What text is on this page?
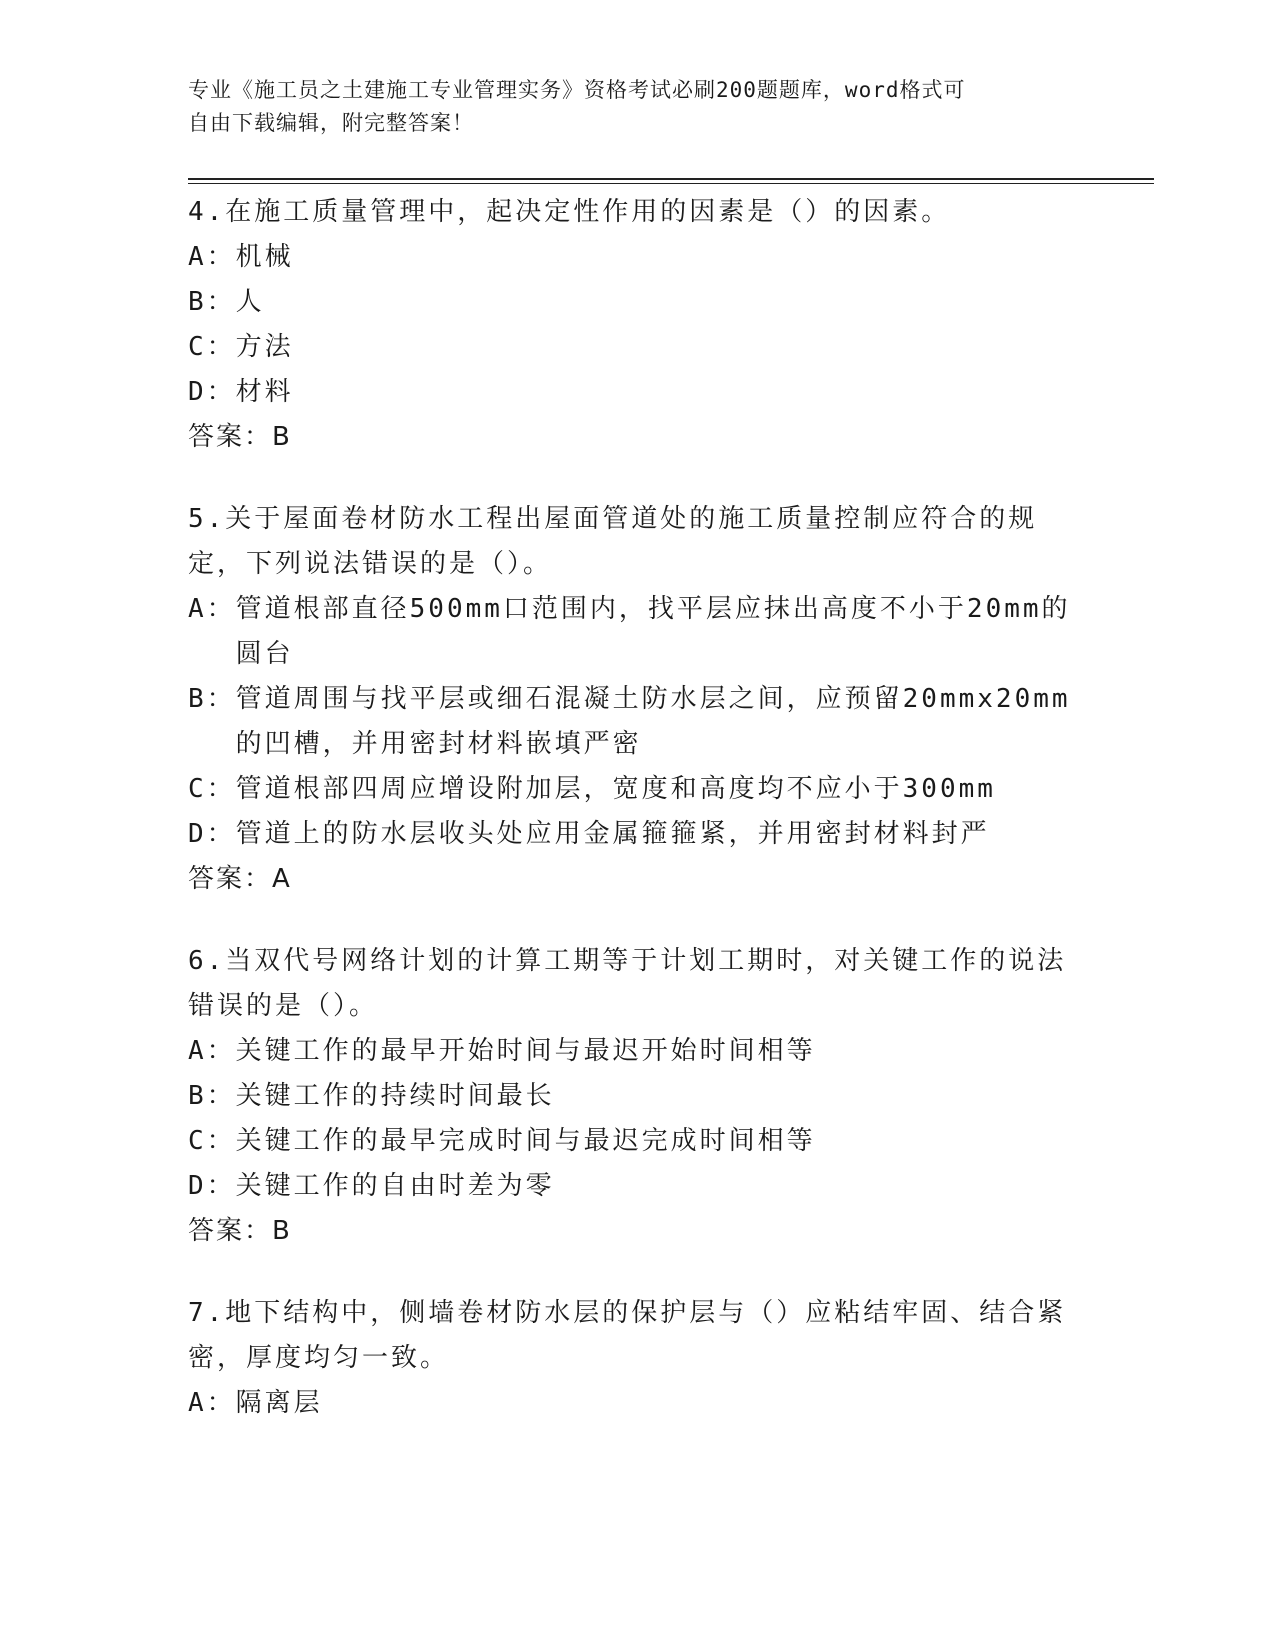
专业《施工员之土建施工专业管理实务》资格考试必刷200题题库，word格式可
自由下载编辑，附完整答案！

4.在施工质量管理中，起决定性作用的因素是（）的因素。

A： 机械
B： 人
C： 方法
D： 材料

答案：B

5.关于屋面卷材防水工程出屋面管道处的施工质量控制应符合的规定，下列说法错误的是（）。

A： 管道根部直径500mm口范围内，找平层应抹出高度不小于20mm的圆台
B： 管道周围与找平层或细石混凝土防水层之间，应预留20mmx20mm的凹槽，并用密封材料嵌填严密
C： 管道根部四周应增设附加层，宽度和高度均不应小于300mm
D： 管道上的防水层收头处应用金属箍箍紧，并用密封材料封严

答案：A

6.当双代号网络计划的计算工期等于计划工期时，对关键工作的说法错误的是（）。

A： 关键工作的最早开始时间与最迟开始时间相等
B： 关键工作的持续时间最长
C： 关键工作的最早完成时间与最迟完成时间相等
D： 关键工作的自由时差为零

答案：B

7.地下结构中，侧墙卷材防水层的保护层与（）应粘结牢固、结合紧密，厚度均匀一致。

A： 隔离层
